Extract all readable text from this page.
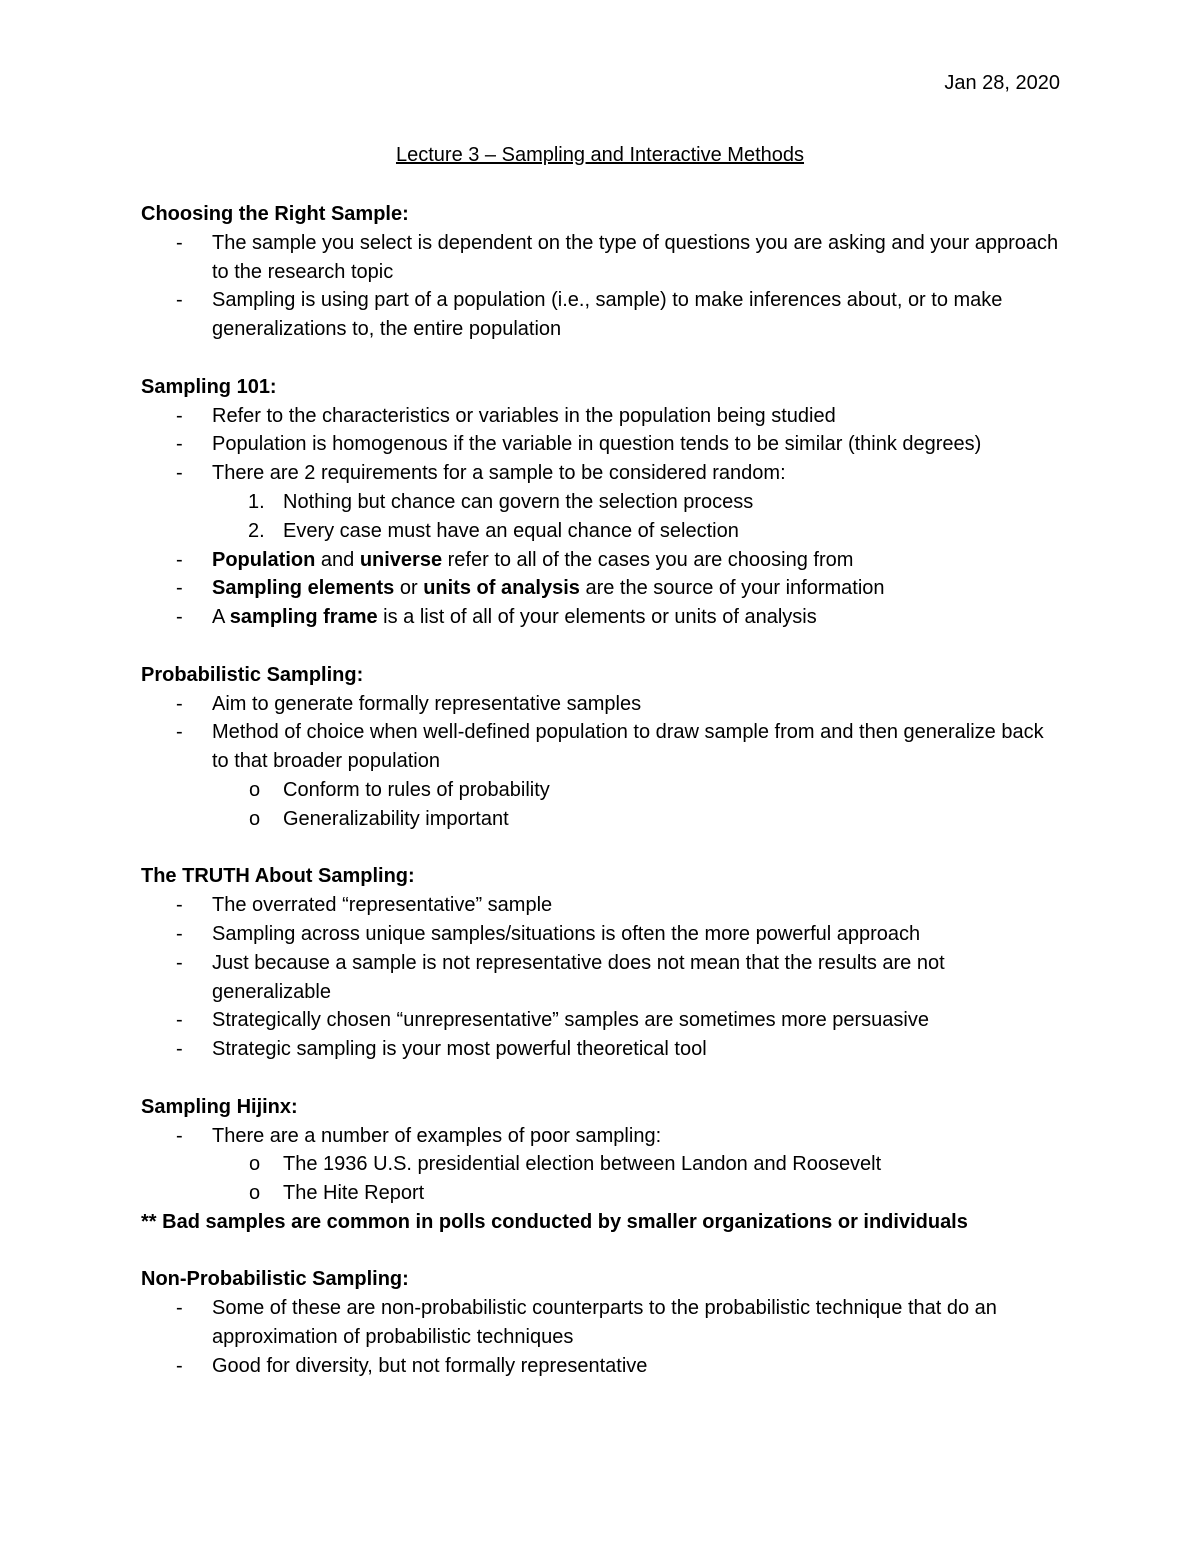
Jan 28, 2020
Lecture 3 – Sampling and Interactive Methods
Choosing the Right Sample:
- The sample you select is dependent on the type of questions you are asking and your approach to the research topic
- Sampling is using part of a population (i.e., sample) to make inferences about, or to make generalizations to, the entire population
Sampling 101:
- Refer to the characteristics or variables in the population being studied
- Population is homogenous if the variable in question tends to be similar (think degrees)
- There are 2 requirements for a sample to be considered random:
1. Nothing but chance can govern the selection process
2. Every case must have an equal chance of selection
- Population and universe refer to all of the cases you are choosing from
- Sampling elements or units of analysis are the source of your information
- A sampling frame is a list of all of your elements or units of analysis
Probabilistic Sampling:
- Aim to generate formally representative samples
- Method of choice when well-defined population to draw sample from and then generalize back to that broader population
o Conform to rules of probability
o Generalizability important
The TRUTH About Sampling:
- The overrated “representative” sample
- Sampling across unique samples/situations is often the more powerful approach
- Just because a sample is not representative does not mean that the results are not generalizable
- Strategically chosen “unrepresentative” samples are sometimes more persuasive
- Strategic sampling is your most powerful theoretical tool
Sampling Hijinx:
- There are a number of examples of poor sampling:
o The 1936 U.S. presidential election between Landon and Roosevelt
o The Hite Report
** Bad samples are common in polls conducted by smaller organizations or individuals
Non-Probabilistic Sampling:
- Some of these are non-probabilistic counterparts to the probabilistic technique that do an approximation of probabilistic techniques
- Good for diversity, but not formally representative
